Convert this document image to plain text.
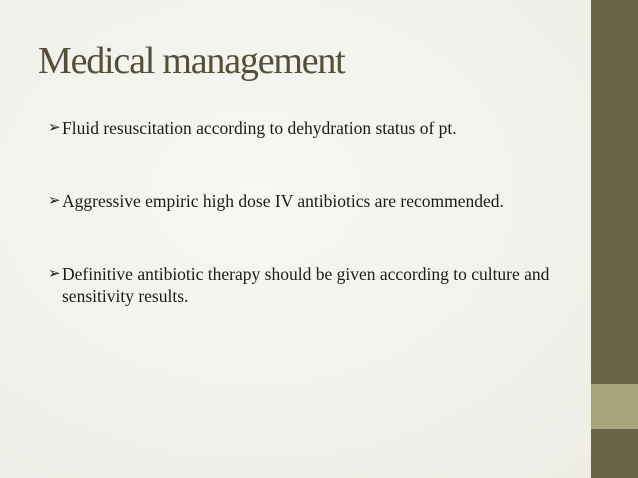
Medical management
➢ Fluid resuscitation according to dehydration status of pt.
➢ Aggressive empiric high dose IV antibiotics are recommended.
➢ Definitive antibiotic therapy should be given according to culture and sensitivity results.
